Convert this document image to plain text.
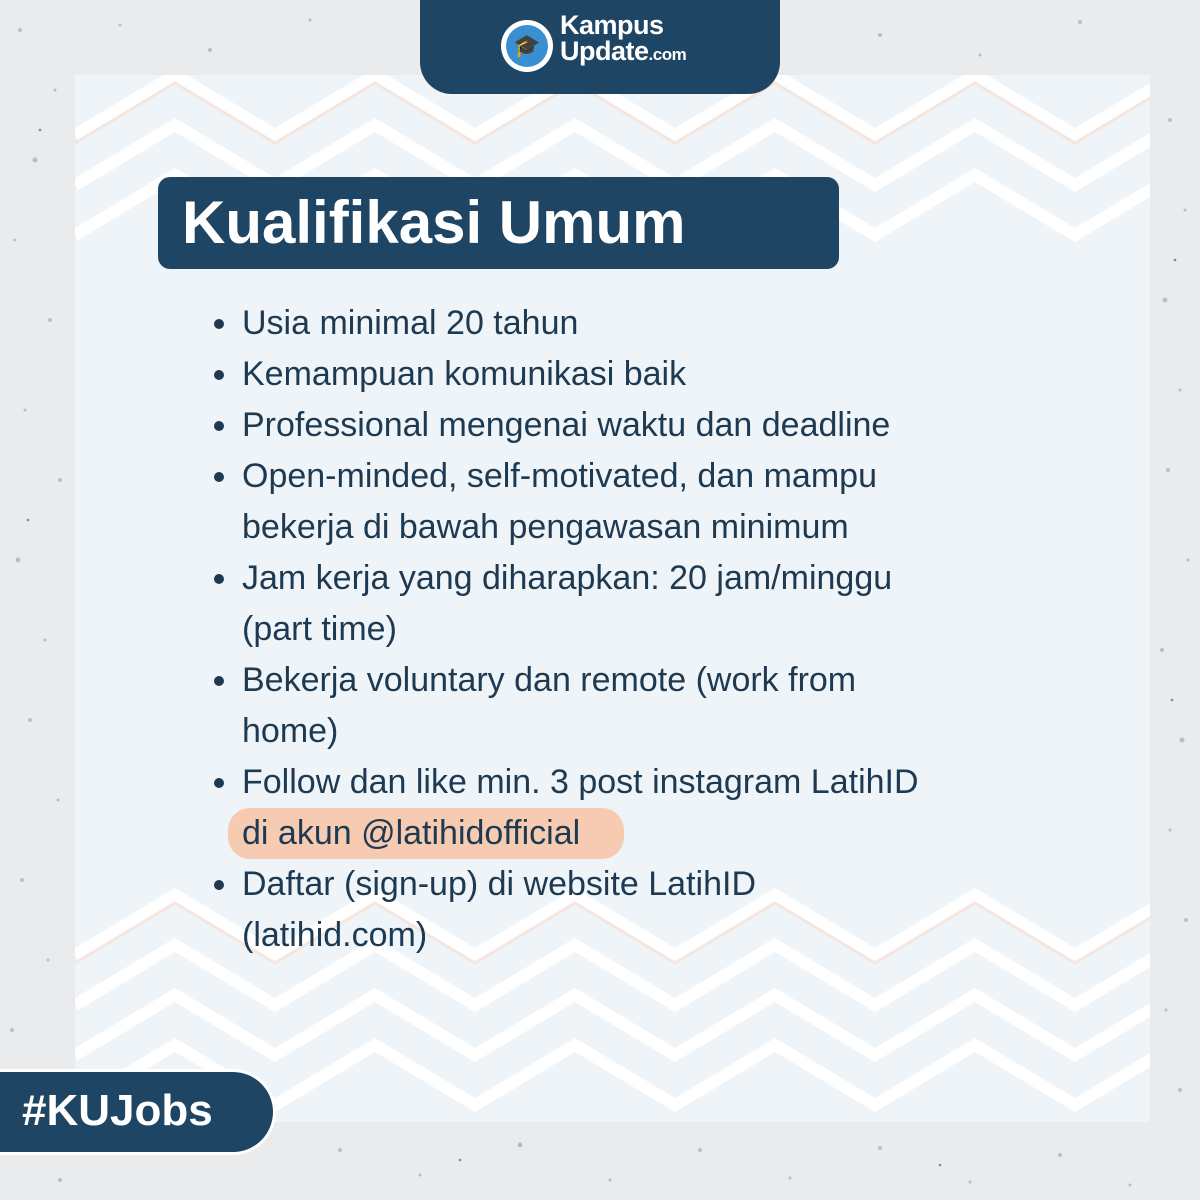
🎓
Kampus
Update.com
Kualifikasi Umum
Usia minimal 20 tahun
Kemampuan komunikasi baik
Professional mengenai waktu dan deadline
Open-minded, self-motivated, dan mampu
bekerja di bawah pengawasan minimum
Jam kerja yang diharapkan: 20 jam/minggu
(part time)
Bekerja voluntary dan remote (work from
home)
Follow dan like min. 3 post instagram LatihID
di akun @latihidofficial
Daftar (sign-up) di website LatihID
(latihid.com)
#KUJobs
